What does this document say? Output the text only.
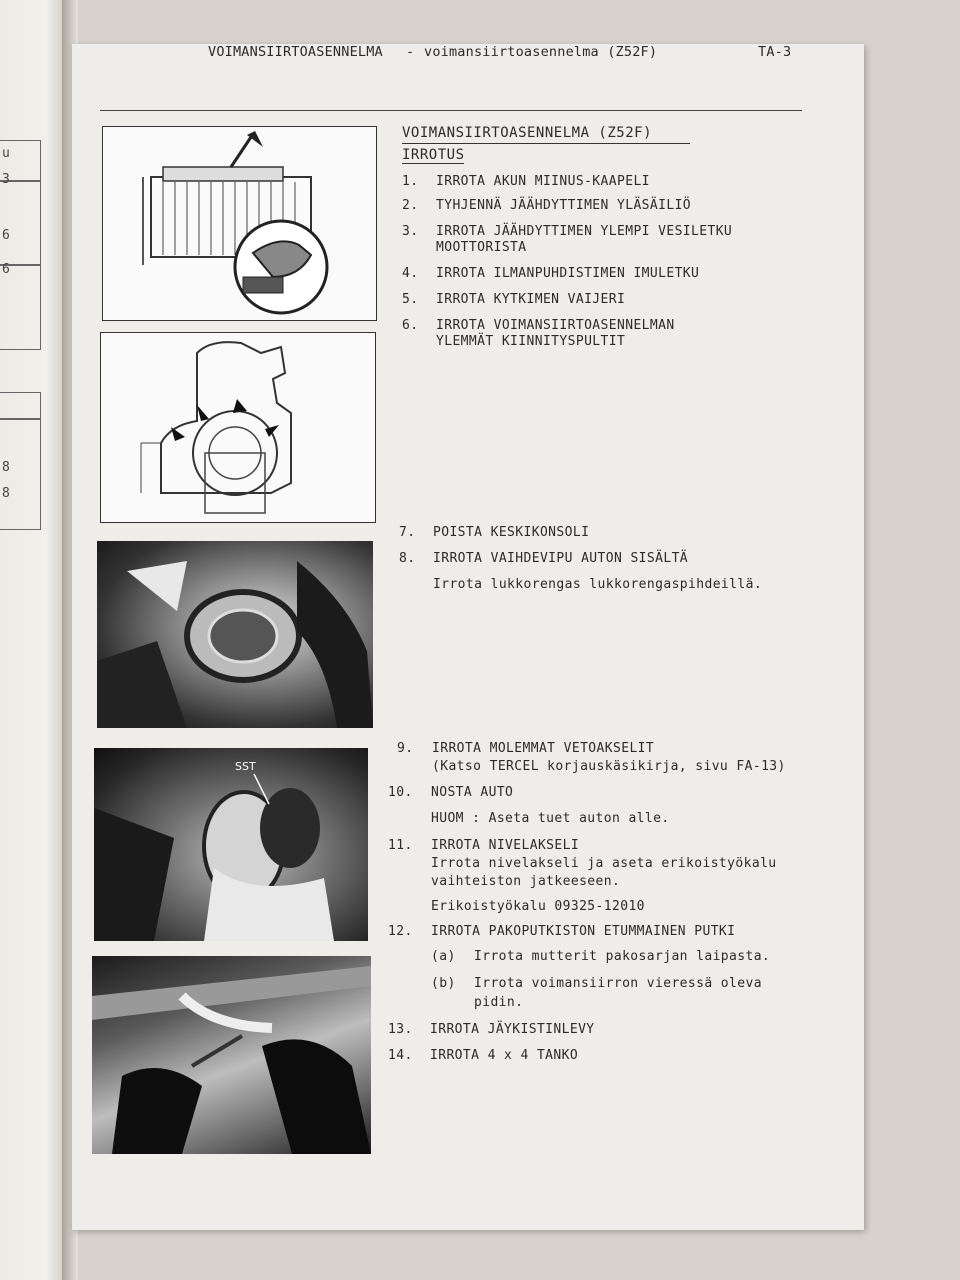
u
3
6
6
8
8
VOIMANSIIRTOASENNELMA - voimansiirtoasennelma (Z52F)	TA-3
SST
VOIMANSIIRTOASENNELMA (Z52F)
IRROTUS
1.	IRROTA AKUN MIINUS-KAAPELI
2.	TYHJENNÄ JÄÄHDYTTIMEN YLÄSÄILIÖ
3.	IRROTA JÄÄHDYTTIMEN YLEMPI VESILETKU
MOOTTORISTA
4.	IRROTA ILMANPUHDISTIMEN IMULETKU
5.	IRROTA KYTKIMEN VAIJERI
6.	IRROTA VOIMANSIIRTOASENNELMAN
YLEMMÄT KIINNITYSPULTIT
7.	POISTA KESKIKONSOLI
8.	IRROTA VAIHDEVIPU AUTON SISÄLTÄ
Irrota lukkorengas lukkorengaspihdeillä.
9.	IRROTA MOLEMMAT VETOAKSELIT
(Katso TERCEL korjauskäsikirja, sivu FA-13)
10.	NOSTA AUTO
HUOM : Aseta tuet auton alle.
11.	IRROTA NIVELAKSELI
Irrota nivelakseli ja aseta erikoistyökalu
vaihteiston jatkeeseen.
Erikoistyökalu 09325-12010
12.	IRROTA PAKOPUTKISTON ETUMMAINEN PUTKI
(a) Irrota mutterit pakosarjan laipasta.
(b) Irrota voimansiirron vieressä oleva
pidin.
13.	IRROTA JÄYKISTINLEVY
14.	IRROTA 4 x 4 TANKO
